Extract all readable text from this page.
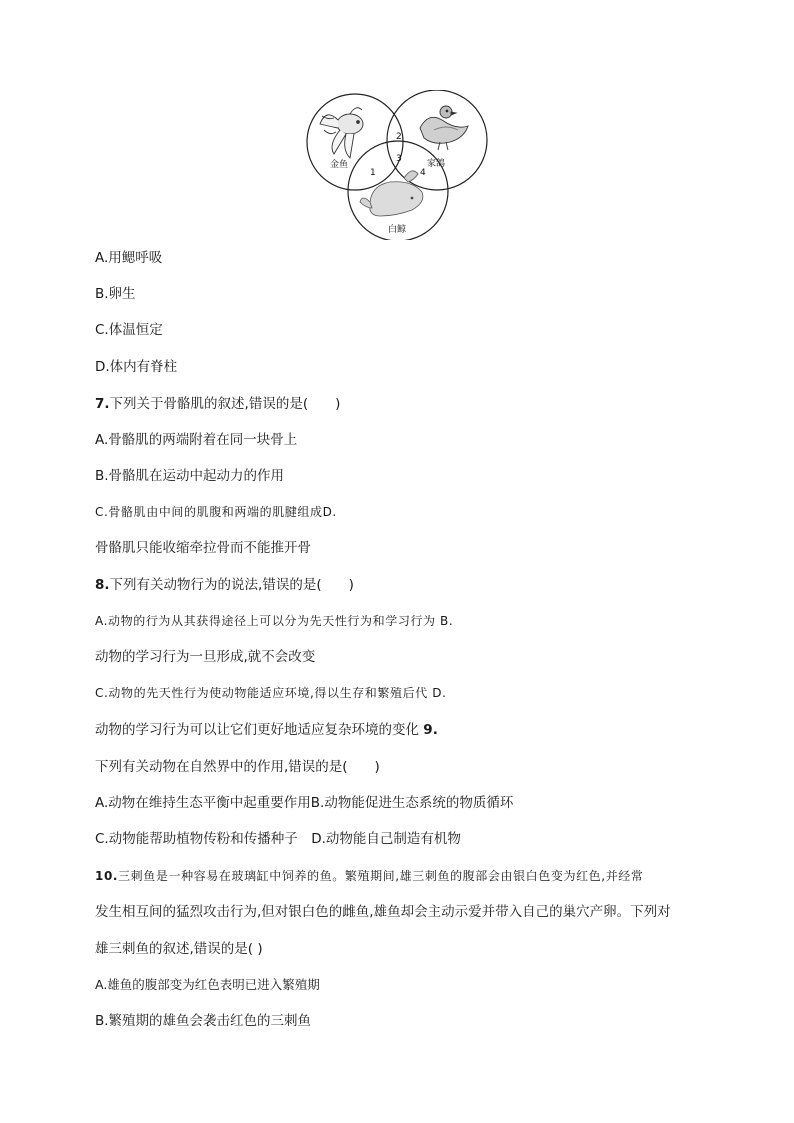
金鱼	家鸽
白鲸
2
3
1	4
A.用鳃呼吸
B.卵生
C.体温恒定
D.体内有脊柱
7.下列关于骨骼肌的叙述,错误的是(　　)
A.骨骼肌的两端附着在同一块骨上
B.骨骼肌在运动中起动力的作用
C.骨骼肌由中间的肌腹和两端的肌腱组成D.
骨骼肌只能收缩牵拉骨而不能推开骨
8.下列有关动物行为的说法,错误的是(　　)
A.动物的行为从其获得途径上可以分为先天性行为和学习行为 B.
动物的学习行为一旦形成,就不会改变
C.动物的先天性行为使动物能适应环境,得以生存和繁殖后代 D.
动物的学习行为可以让它们更好地适应复杂环境的变化 9.
下列有关动物在自然界中的作用,错误的是(　　)
A.动物在维持生态平衡中起重要作用B.动物能促进生态系统的物质循环
C.动物能帮助植物传粉和传播种子　D.动物能自己制造有机物
10.三刺鱼是一种容易在玻璃缸中饲养的鱼。繁殖期间,雄三刺鱼的腹部会由银白色变为红色,并经常
发生相互间的猛烈攻击行为,但对银白色的雌鱼,雄鱼却会主动示爱并带入自己的巢穴产卵。下列对
雄三刺鱼的叙述,错误的是( )
A.雄鱼的腹部变为红色表明已进入繁殖期
B.繁殖期的雄鱼会袭击红色的三刺鱼
